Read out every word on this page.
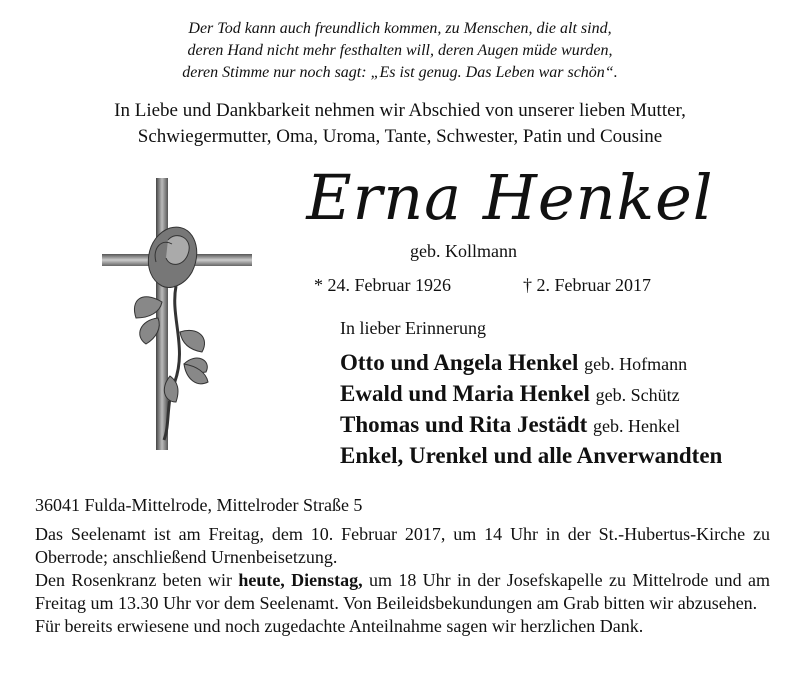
Der Tod kann auch freundlich kommen, zu Menschen, die alt sind,
deren Hand nicht mehr festhalten will, deren Augen müde wurden,
deren Stimme nur noch sagt: „Es ist genug. Das Leben war schön“.
In Liebe und Dankbarkeit nehmen wir Abschied von unserer lieben Mutter,
Schwiegermutter, Oma, Uroma, Tante, Schwester, Patin und Cousine
Erna Henkel
geb. Kollmann
* 24. Februar 1926	† 2. Februar 2017
In lieber Erinnerung
Otto und Angela Henkel geb. Hofmann
Ewald und Maria Henkel geb. Schütz
Thomas und Rita Jestädt geb. Henkel
Enkel, Urenkel und alle Anverwandten
36041 Fulda-Mittelrode, Mittelroder Straße 5

Das Seelenamt ist am Freitag, dem 10. Februar 2017, um 14 Uhr in der St.-Hubertus-Kirche zu Oberrode; anschließend Urnenbeisetzung.

Den Rosenkranz beten wir heute, Dienstag, um 18 Uhr in der Josefskapelle zu Mittelrode und am Freitag um 13.30 Uhr vor dem Seelenamt. Von Beileidsbekundungen am Grab bitten wir abzusehen.

Für bereits erwiesene und noch zugedachte Anteilnahme sagen wir herzlichen Dank.
